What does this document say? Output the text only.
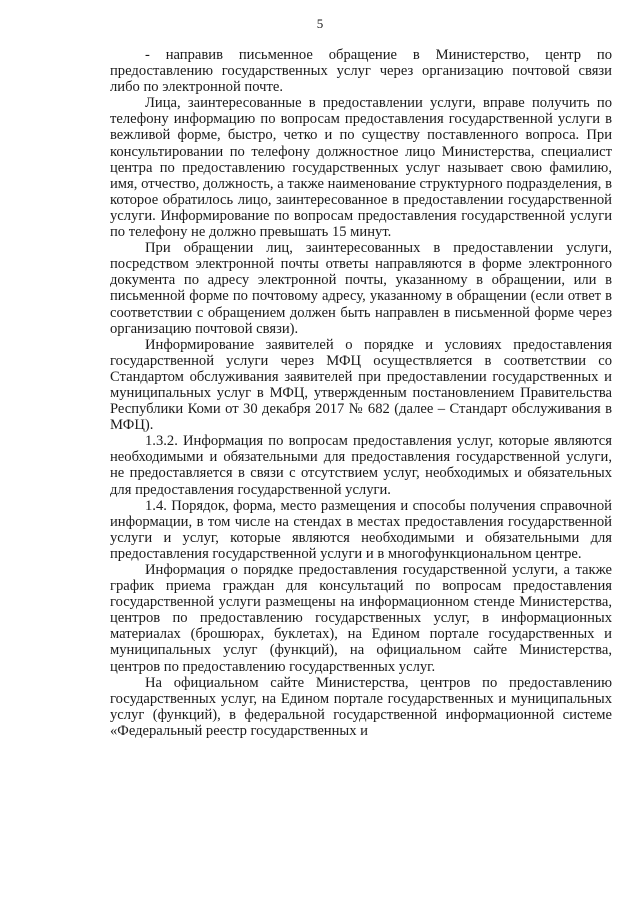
5

- направив письменное обращение в Министерство, центр по предоставлению государственных услуг через организацию почтовой связи либо по электронной почте.

Лица, заинтересованные в предоставлении услуги, вправе получить по телефону информацию по вопросам предоставления государственной услуги в вежливой форме, быстро, четко и по существу поставленного вопроса. При консультировании по телефону должностное лицо Министерства, специалист центра по предоставлению государственных услуг называет свою фамилию, имя, отчество, должность, а также наименование структурного подразделения, в которое обратилось лицо, заинтересованное в предоставлении государственной услуги. Информирование по вопросам предоставления государственной услуги по телефону не должно превышать 15 минут.

При обращении лиц, заинтересованных в предоставлении услуги, посредством электронной почты ответы направляются в форме электронного документа по адресу электронной почты, указанному в обращении, или в письменной форме по почтовому адресу, указанному в обращении (если ответ в соответствии с обращением должен быть направлен в письменной форме через организацию почтовой связи).

Информирование заявителей о порядке и условиях предоставления государственной услуги через МФЦ осуществляется в соответствии со Стандартом обслуживания заявителей при предоставлении государственных и муниципальных услуг в МФЦ, утвержденным постановлением Правительства Республики Коми от 30 декабря 2017 № 682 (далее – Стандарт обслуживания в МФЦ).

1.3.2. Информация по вопросам предоставления услуг, которые являются необходимыми и обязательными для предоставления государственной услуги, не предоставляется в связи с отсутствием услуг, необходимых и обязательных для предоставления государственной услуги.

1.4. Порядок, форма, место размещения и способы получения справочной информации, в том числе на стендах в местах предоставления государственной услуги и услуг, которые являются необходимыми и обязательными для предоставления государственной услуги и в многофункциональном центре.

Информация о порядке предоставления государственной услуги, а также график приема граждан для консультаций по вопросам предоставления государственной услуги размещены на информационном стенде Министерства, центров по предоставлению государственных услуг, в информационных материалах (брошюрах, буклетах), на Едином портале государственных и муниципальных услуг (функций), на официальном сайте Министерства, центров по предоставлению государственных услуг.

На официальном сайте Министерства, центров по предоставлению государственных услуг, на Едином портале государственных и муниципальных услуг (функций), в федеральной государственной информационной системе «Федеральный реестр государственных и
